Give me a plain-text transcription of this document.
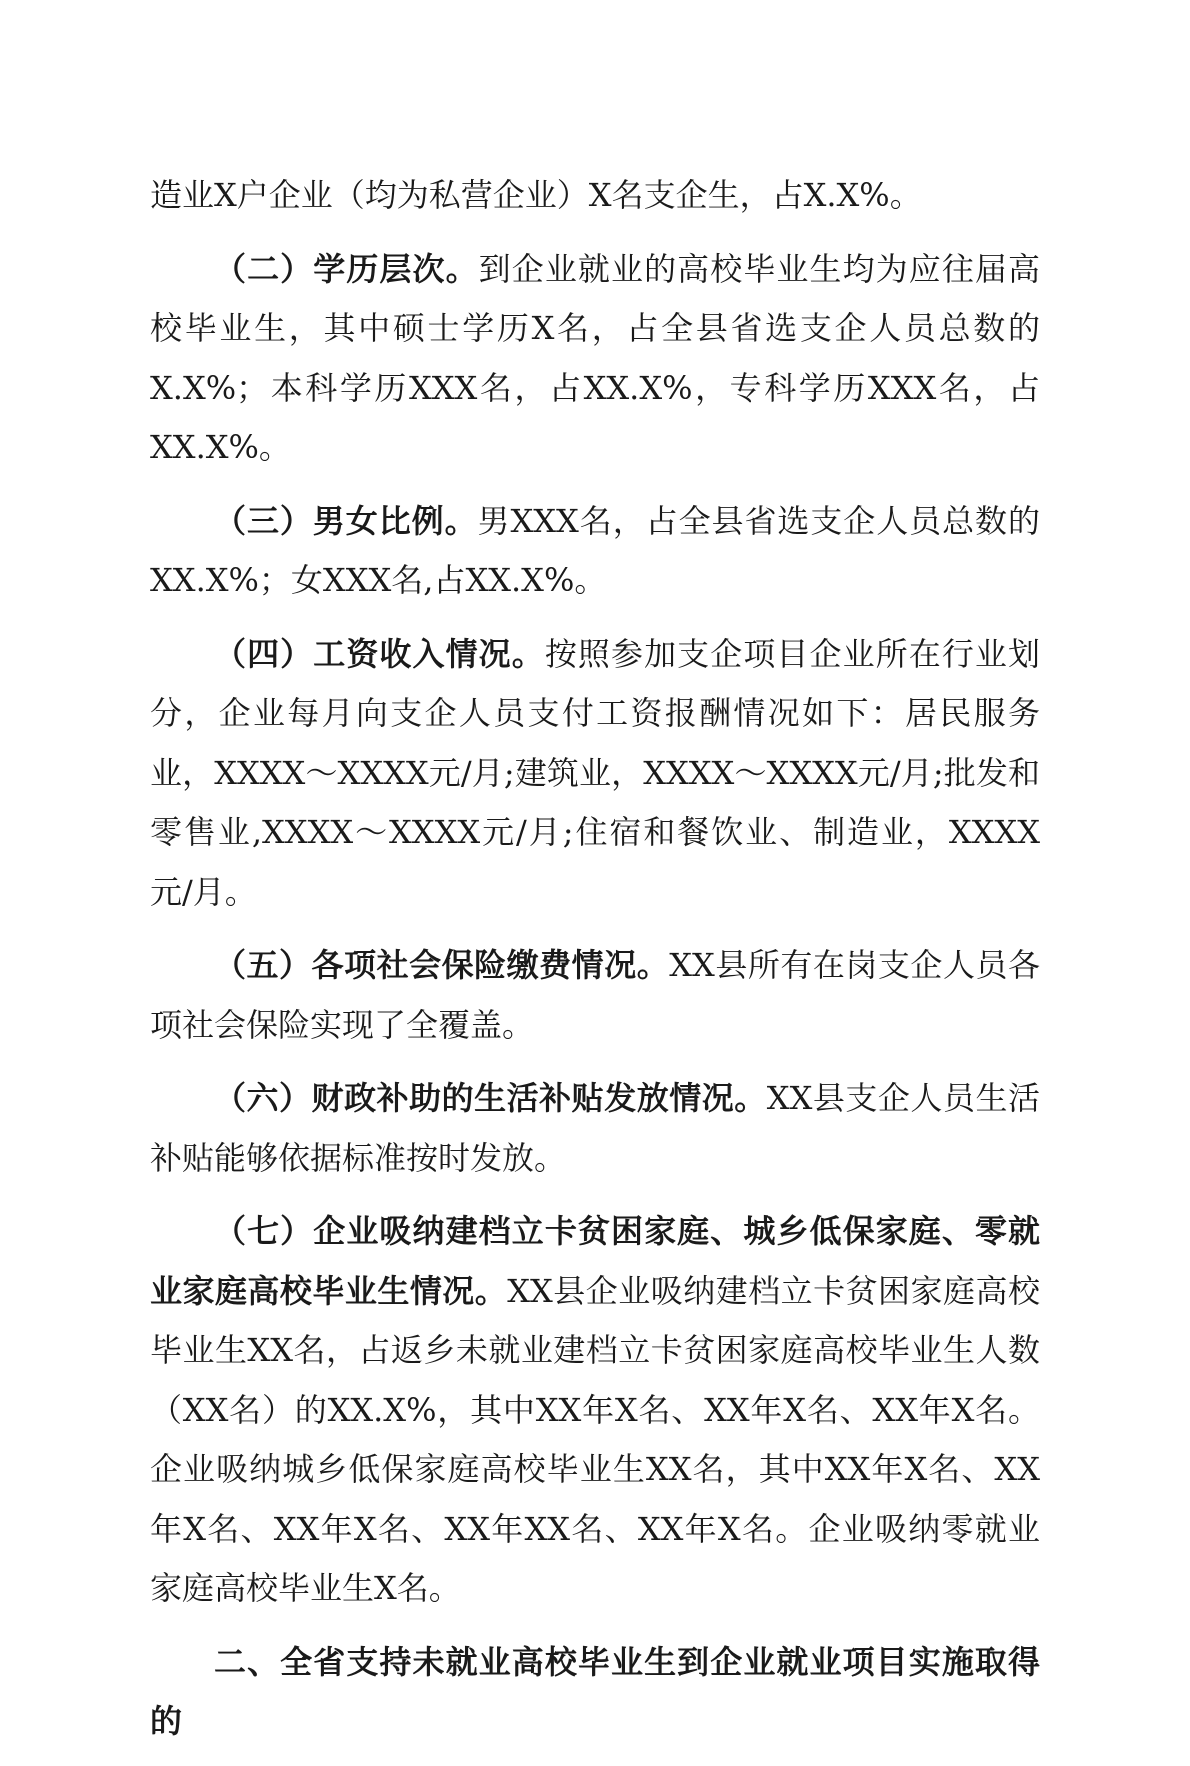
造业X户企业（均为私营企业）X名支企生，占X.X%。

（二）学历层次。到企业就业的高校毕业生均为应往届高校毕业生，其中硕士学历X名，占全县省选支企人员总数的X.X%；本科学历XXX名，占XX.X%，专科学历XXX名，占XX.X%。

（三）男女比例。男XXX名，占全县省选支企人员总数的XX.X%；女XXX名,占XX.X%。

（四）工资收入情况。按照参加支企项目企业所在行业划分，企业每月向支企人员支付工资报酬情况如下：居民服务业，XXXX～XXXX元/月;建筑业，XXXX～XXXX元/月;批发和零售业,XXXX～XXXX元/月;住宿和餐饮业、制造业，XXXX元/月。

（五）各项社会保险缴费情况。XX县所有在岗支企人员各项社会保险实现了全覆盖。

（六）财政补助的生活补贴发放情况。XX县支企人员生活补贴能够依据标准按时发放。

（七）企业吸纳建档立卡贫困家庭、城乡低保家庭、零就业家庭高校毕业生情况。XX县企业吸纳建档立卡贫困家庭高校毕业生XX名，占返乡未就业建档立卡贫困家庭高校毕业生人数（XX名）的XX.X%，其中XX年X名、XX年X名、XX年X名。企业吸纳城乡低保家庭高校毕业生XX名，其中XX年X名、XX年X名、XX年X名、XX年XX名、XX年X名。企业吸纳零就业家庭高校毕业生X名。

二、全省支持未就业高校毕业生到企业就业项目实施取得的
